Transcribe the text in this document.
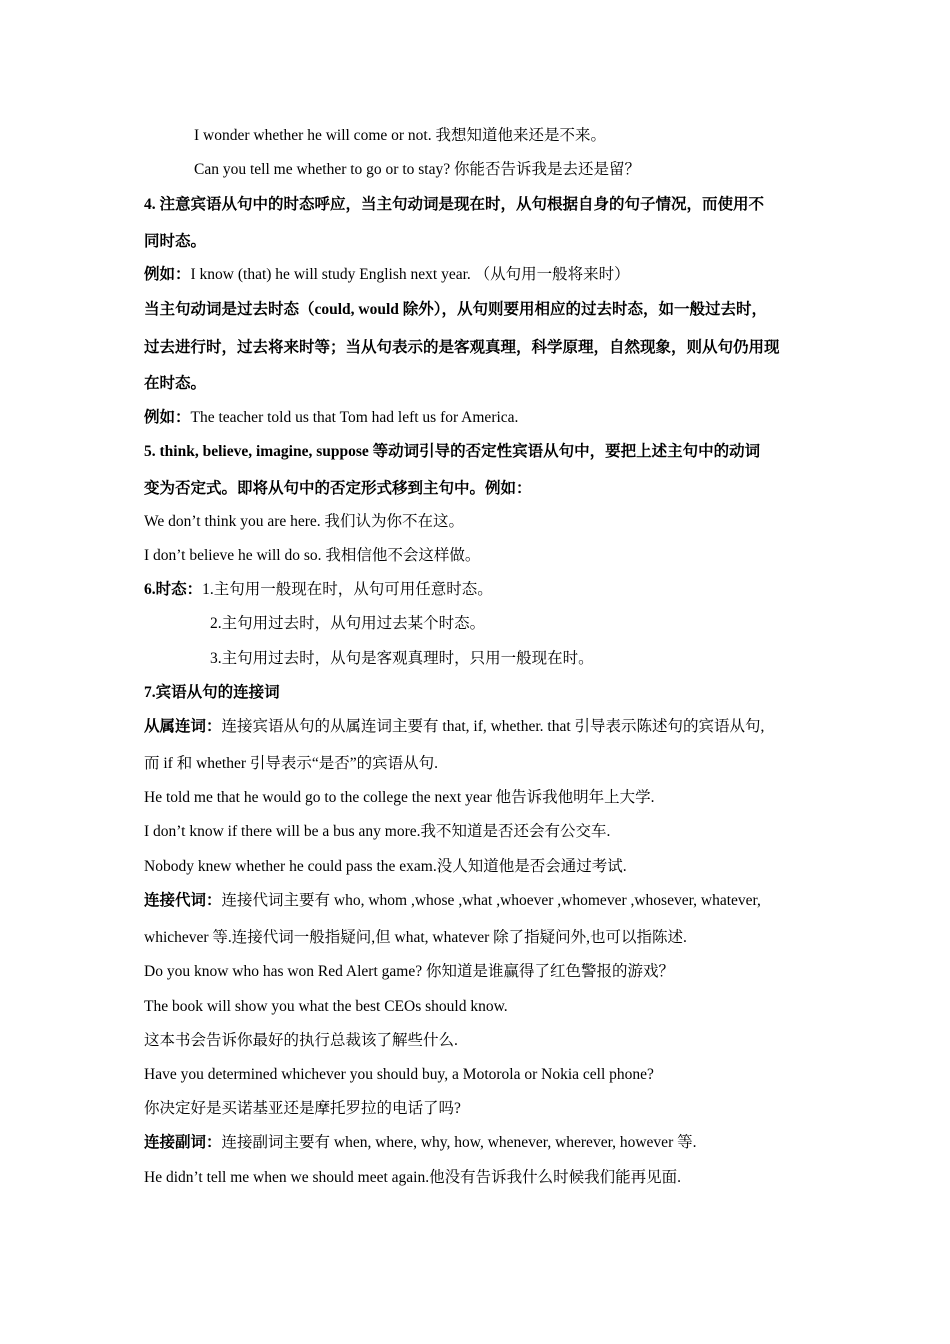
I wonder whether he will come or not. 我想知道他来还是不来。
Can you tell me whether to go or to stay? 你能否告诉我是去还是留？
4. 注意宾语从句中的时态呼应，当主句动词是现在时，从句根据自身的句子情况，而使用不
同时态。
例如：I know (that) he will study English next year. （从句用一般将来时）
当主句动词是过去时态（could, would 除外），从句则要用相应的过去时态，如一般过去时，
过去进行时，过去将来时等；当从句表示的是客观真理，科学原理，自然现象，则从句仍用现
在时态。
例如：The teacher told us that Tom had left us for America.
5. think, believe, imagine, suppose 等动词引导的否定性宾语从句中，要把上述主句中的动词
变为否定式。即将从句中的否定形式移到主句中。例如：
We don’t think you are here. 我们认为你不在这。
I don’t believe he will do so. 我相信他不会这样做。
6.时态：1.主句用一般现在时，从句可用任意时态。
2.主句用过去时，从句用过去某个时态。
3.主句用过去时，从句是客观真理时，只用一般现在时。
7.宾语从句的连接词
从属连词：连接宾语从句的从属连词主要有 that, if, whether. that 引导表示陈述句的宾语从句,
而 if 和 whether 引导表示“是否”的宾语从句.
He told me that he would go to the college the next year 他告诉我他明年上大学.
I don’t know if there will be a bus any more.我不知道是否还会有公交车.
Nobody knew whether he could pass the exam.没人知道他是否会通过考试.
连接代词：连接代词主要有 who, whom ,whose ,what ,whoever ,whomever ,whosever, whatever,
whichever 等.连接代词一般指疑问,但 what, whatever 除了指疑问外,也可以指陈述.
Do you know who has won Red Alert game? 你知道是谁赢得了红色警报的游戏？
The book will show you what the best CEOs should know.
这本书会告诉你最好的执行总裁该了解些什么.
Have you determined whichever you should buy, a Motorola or Nokia cell phone?
你决定好是买诺基亚还是摩托罗拉的电话了吗?
连接副词：连接副词主要有 when, where, why, how, whenever, wherever, however 等.
He didn’t tell me when we should meet again.他没有告诉我什么时候我们能再见面.
